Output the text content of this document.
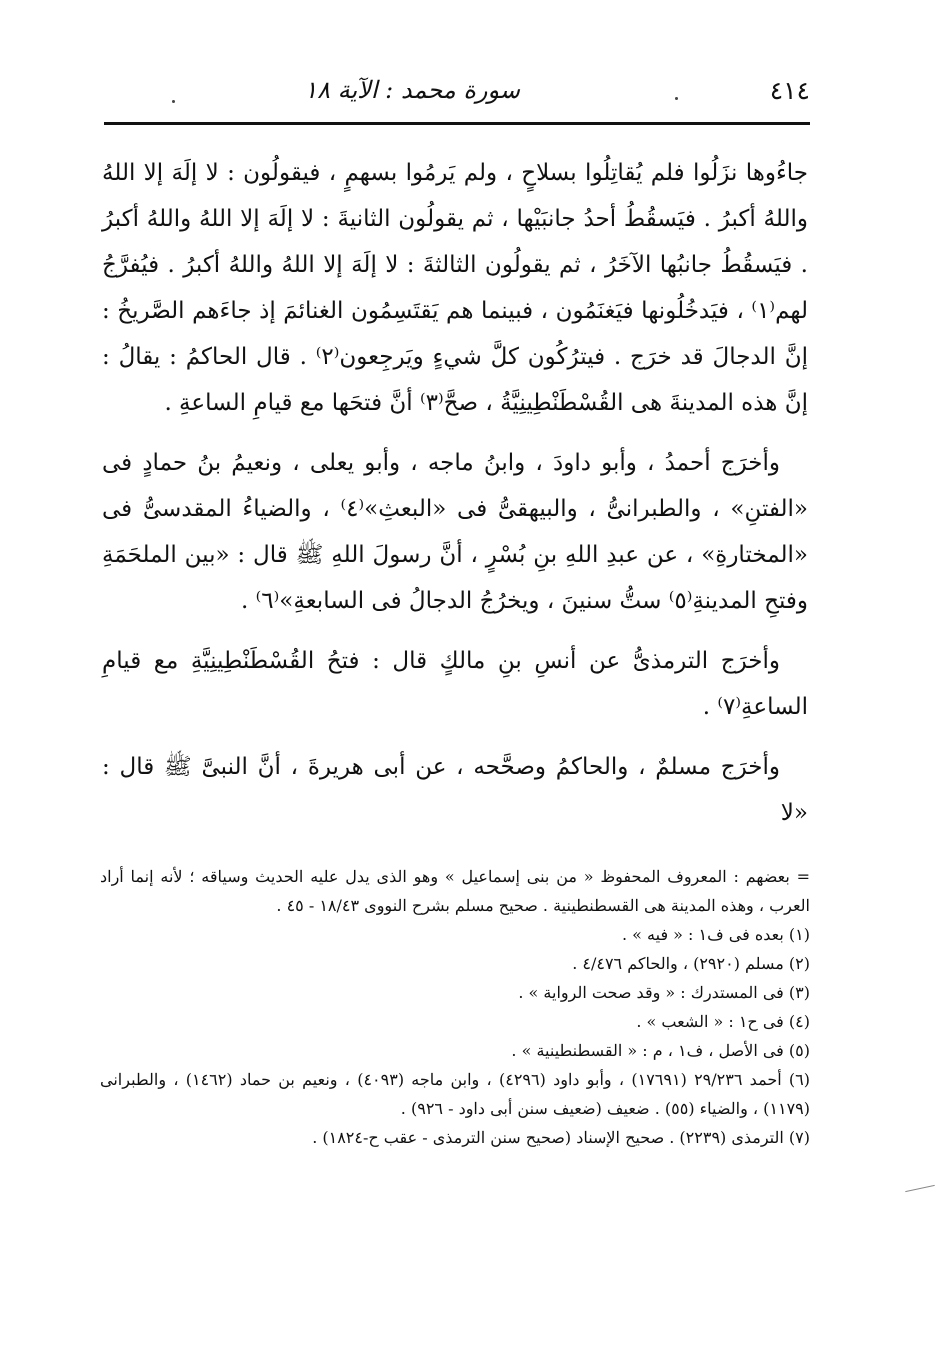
٤١٤
سورة محمد : الآية ١٨

جاءُوها نزَلُوا فلم يُقاتِلُوا بسلاحٍ ، ولم يَرمُوا بسهمٍ ، فيقولُون : لا إلَهَ إلا اللهُ واللهُ أكبرُ . فيَسقُطُ أحدُ جانبَيْها ، ثم يقولُون الثانيةَ : لا إلَهَ إلا اللهُ واللهُ أكبرُ . فيَسقُطُ جانبُها الآخَرُ ، ثم يقولُون الثالثةَ : لا إلَهَ إلا اللهُ واللهُ أكبرُ . فيُفرَّجُ لهم⁽١⁾ ، فيَدخُلُونها فيَغنَمُون ، فبينما هم يَقتَسِمُون الغنائمَ إذ جاءَهم الصَّريخُ : إنَّ الدجالَ قد خرَج . فيترُكُون كلَّ شيءٍ ويَرجِعون⁽٢⁾ . قال الحاكمُ : يقالُ : إنَّ هذه المدينةَ هى القُسْطَنْطِينِيَّةُ ، صحَّ⁽٣⁾ أنَّ فتحَها مع قيامِ الساعةِ .

وأخرَج أحمدُ ، وأبو داودَ ، وابنُ ماجه ، وأبو يعلى ، ونعيمُ بنُ حمادٍ فى «الفتنِ» ، والطبرانىُّ ، والبيهقىُّ فى «البعثِ»⁽٤⁾ ، والضياءُ المقدسىُّ فى «المختارةِ» ، عن عبدِ اللهِ بنِ بُسْرٍ ، أنَّ رسولَ اللهِ ﷺ قال : «بين الملحَمَةِ وفتحِ المدينةِ⁽٥⁾ ستُّ سنينَ ، ويخرُجُ الدجالُ فى السابعةِ»⁽٦⁾ .

وأخرَج الترمذىُّ عن أنسِ بنِ مالكٍ قال : فتحُ القُسْطَنْطِينِيَّةِ مع قيامِ الساعةِ⁽٧⁾ .

وأخرَج مسلمٌ ، والحاكمُ وصحَّحه ، عن أبى هريرةَ ، أنَّ النبىَّ ﷺ قال : «لا

= بعضهم : المعروف المحفوظ « من بنى إسماعيل » وهو الذى يدل عليه الحديث وسياقه ؛ لأنه إنما أراد العرب ، وهذه المدينة هى القسطنطينية . صحيح مسلم بشرح النووى ١٨/٤٣ - ٤٥ .

(١) بعده فى ف١ : « فيه » .

(٢) مسلم (٢٩٢٠) ، والحاكم ٤/٤٧٦ .

(٣) فى المستدرك : « وقد صحت الرواية » .

(٤) فى ح١ : « الشعب » .

(٥) فى الأصل ، ف١ ، م : « القسطنطينية » .

(٦) أحمد ٢٩/٢٣٦ (١٧٦٩١) ، وأبو داود (٤٢٩٦) ، وابن ماجه (٤٠٩٣) ، ونعيم بن حماد (١٤٦٢) ، والطبرانى (١١٧٩) ، والضياء (٥٥) . ضعيف (ضعيف سنن أبى داود - ٩٢٦) .

(٧) الترمذى (٢٢٣٩) . صحيح الإسناد (صحيح سنن الترمذى - عقب ح-١٨٢٤) .
